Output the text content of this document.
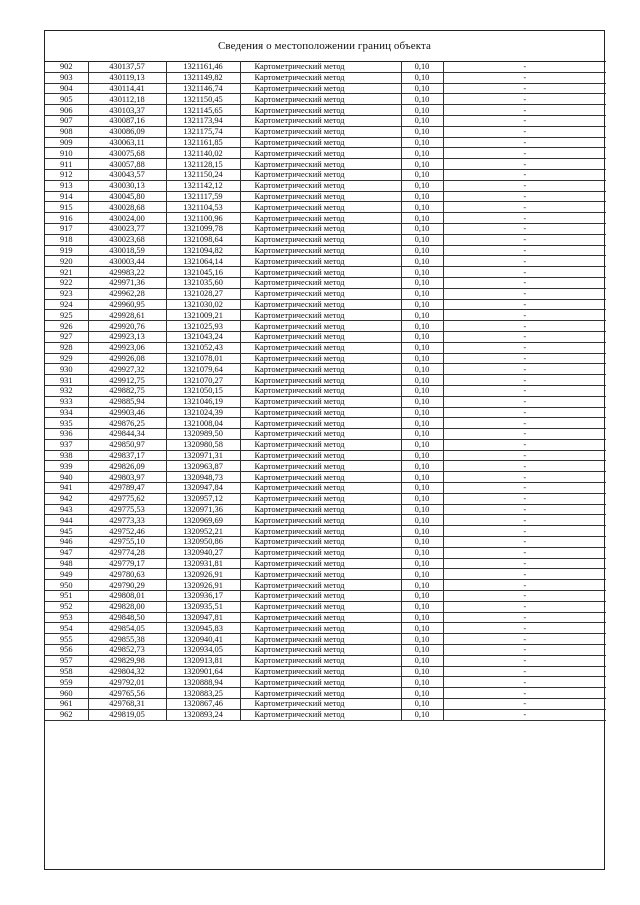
Сведения о местоположении границ объекта
902	430137,57	1321161,46	Картометрический метод	0,10	-
903	430119,13	1321149,82	Картометрический метод	0,10	-
904	430114,41	1321146,74	Картометрический метод	0,10	-
905	430112,18	1321150,45	Картометрический метод	0,10	-
906	430103,37	1321145,65	Картометрический метод	0,10	-
907	430087,16	1321173,94	Картометрический метод	0,10	-
908	430086,09	1321175,74	Картометрический метод	0,10	-
909	430063,11	1321161,85	Картометрический метод	0,10	-
910	430075,68	1321140,02	Картометрический метод	0,10	-
911	430057,88	1321128,15	Картометрический метод	0,10	-
912	430043,57	1321150,24	Картометрический метод	0,10	-
913	430030,13	1321142,12	Картометрический метод	0,10	-
914	430045,80	1321117,59	Картометрический метод	0,10	-
915	430028,68	1321104,53	Картометрический метод	0,10	-
916	430024,00	1321100,96	Картометрический метод	0,10	-
917	430023,77	1321099,78	Картометрический метод	0,10	-
918	430023,68	1321098,64	Картометрический метод	0,10	-
919	430018,59	1321094,82	Картометрический метод	0,10	-
920	430003,44	1321064,14	Картометрический метод	0,10	-
921	429983,22	1321045,16	Картометрический метод	0,10	-
922	429971,36	1321035,60	Картометрический метод	0,10	-
923	429962,28	1321028,27	Картометрический метод	0,10	-
924	429960,95	1321030,02	Картометрический метод	0,10	-
925	429928,61	1321009,21	Картометрический метод	0,10	-
926	429920,76	1321025,93	Картометрический метод	0,10	-
927	429923,13	1321043,24	Картометрический метод	0,10	-
928	429923,06	1321052,43	Картометрический метод	0,10	-
929	429926,08	1321078,01	Картометрический метод	0,10	-
930	429927,32	1321079,64	Картометрический метод	0,10	-
931	429912,75	1321070,27	Картометрический метод	0,10	-
932	429882,75	1321050,15	Картометрический метод	0,10	-
933	429885,94	1321046,19	Картометрический метод	0,10	-
934	429903,46	1321024,39	Картометрический метод	0,10	-
935	429876,25	1321008,04	Картометрический метод	0,10	-
936	429844,34	1320989,50	Картометрический метод	0,10	-
937	429850,97	1320980,58	Картометрический метод	0,10	-
938	429837,17	1320971,31	Картометрический метод	0,10	-
939	429826,09	1320963,87	Картометрический метод	0,10	-
940	429803,97	1320948,73	Картометрический метод	0,10	-
941	429789,47	1320947,84	Картометрический метод	0,10	-
942	429775,62	1320957,12	Картометрический метод	0,10	-
943	429775,53	1320971,36	Картометрический метод	0,10	-
944	429773,33	1320969,69	Картометрический метод	0,10	-
945	429752,46	1320952,21	Картометрический метод	0,10	-
946	429755,10	1320950,86	Картометрический метод	0,10	-
947	429774,28	1320940,27	Картометрический метод	0,10	-
948	429779,17	1320931,81	Картометрический метод	0,10	-
949	429780,63	1320926,91	Картометрический метод	0,10	-
950	429790,29	1320926,91	Картометрический метод	0,10	-
951	429808,01	1320936,17	Картометрический метод	0,10	-
952	429828,00	1320935,51	Картометрический метод	0,10	-
953	429848,50	1320947,81	Картометрический метод	0,10	-
954	429854,05	1320945,83	Картометрический метод	0,10	-
955	429855,38	1320940,41	Картометрический метод	0,10	-
956	429852,73	1320934,05	Картометрический метод	0,10	-
957	429829,98	1320913,81	Картометрический метод	0,10	-
958	429804,32	1320901,64	Картометрический метод	0,10	-
959	429792,01	1320888,94	Картометрический метод	0,10	-
960	429765,56	1320883,25	Картометрический метод	0,10	-
961	429768,31	1320867,46	Картометрический метод	0,10	-
962	429819,05	1320893,24	Картометрический метод	0,10	-
